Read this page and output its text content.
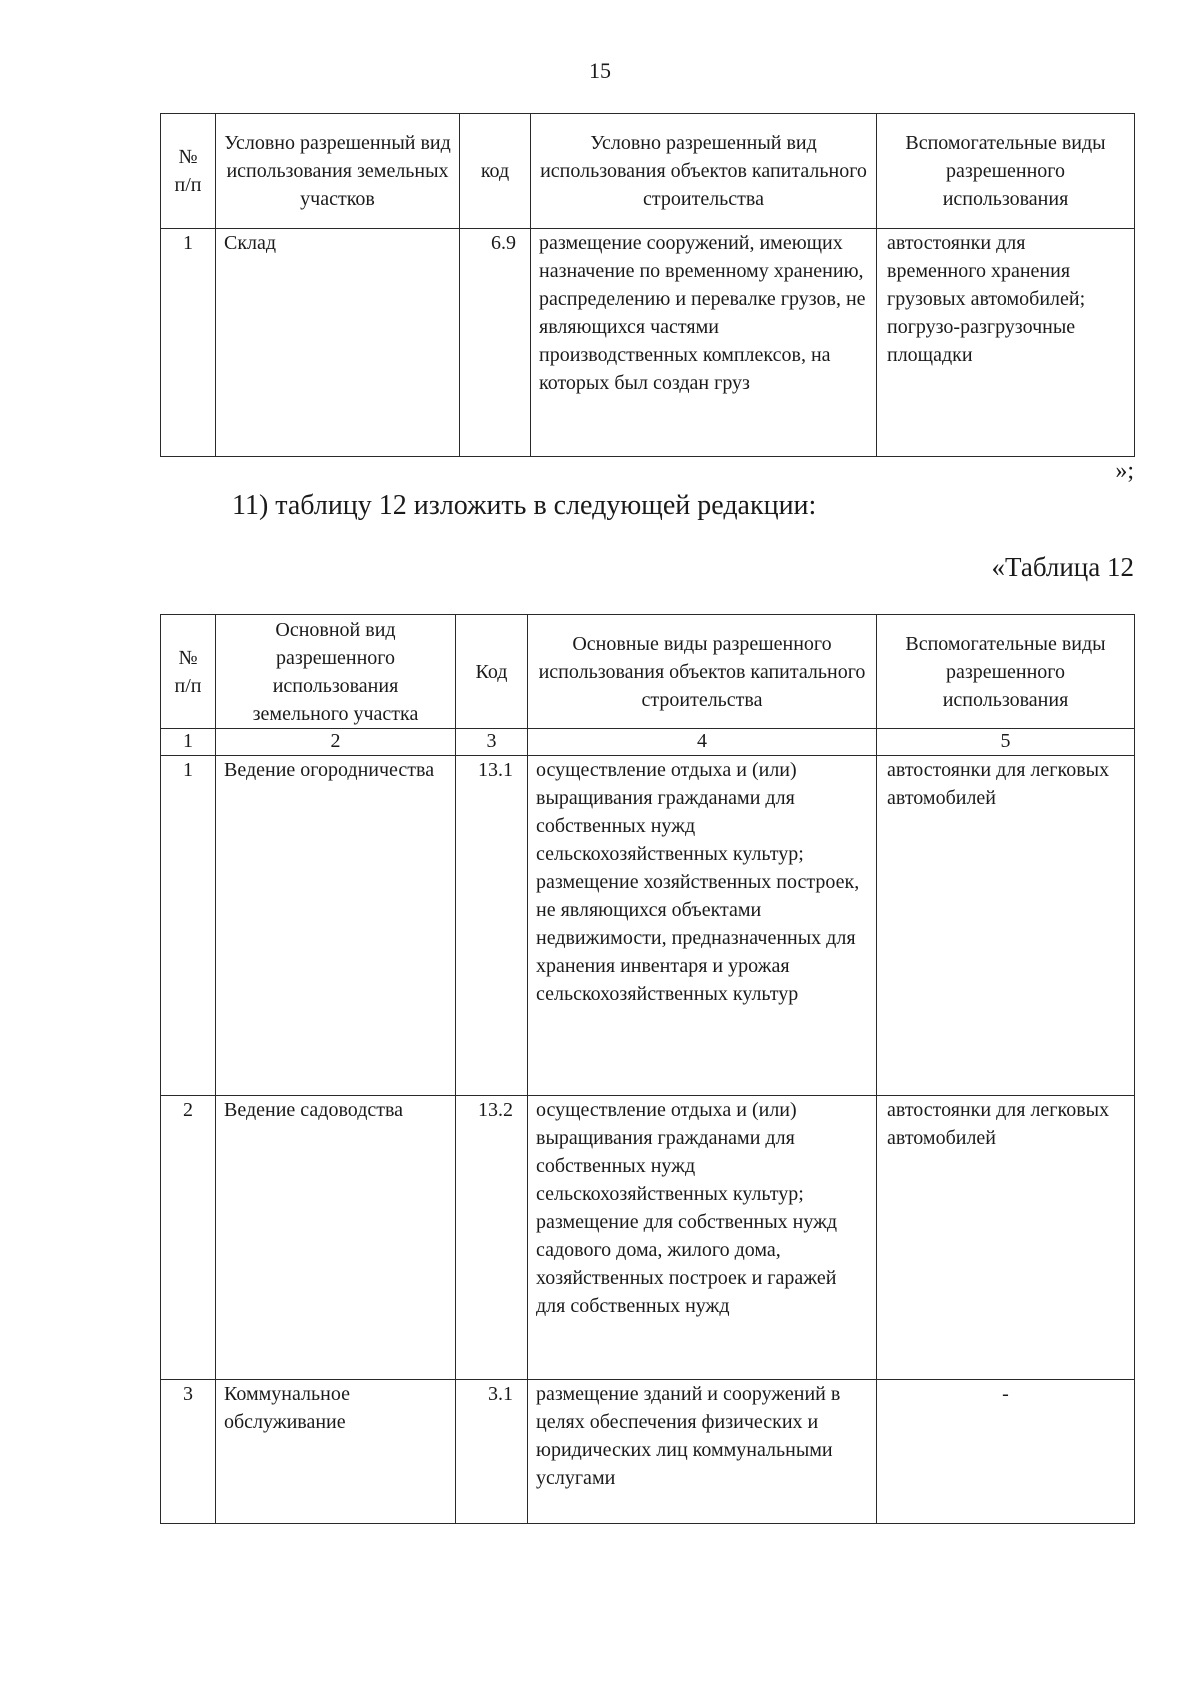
15
№ п/п	Условно разрешенный вид использования земельных участков	код	Условно разрешенный вид использования объектов капитального строительства	Вспомогательные виды разрешенного использования
1	Склад	6.9	размещение сооружений, имеющих назначение по временному хранению, распределению и перевалке грузов, не являющихся частями производственных комплексов, на которых был создан груз	автостоянки для временного хранения грузовых автомобилей; погрузо-разгрузочные площадки
»;
11) таблицу 12 изложить в следующей редакции:
«Таблица 12
№ п/п	Основной вид разрешенного использования земельного участка	Код	Основные виды разрешенного использования объектов капитального строительства	Вспомогательные виды разрешенного использования
1	2	3	4	5
1	Ведение огородничества	13.1	осуществление отдыха и (или) выращивания гражданами для собственных нужд сельскохозяйственных культур; размещение хозяйственных построек, не являющихся объектами недвижимости, предназначенных для хранения инвентаря и урожая сельскохозяйственных культур	автостоянки для легковых автомобилей
2	Ведение садоводства	13.2	осуществление отдыха и (или) выращивания гражданами для собственных нужд сельскохозяйственных культур; размещение для собственных нужд садового дома, жилого дома, хозяйственных построек и гаражей для собственных нужд	автостоянки для легковых автомобилей
3	Коммунальное обслуживание	3.1	размещение зданий и сооружений в целях обеспечения физических и юридических лиц коммунальными услугами	-
